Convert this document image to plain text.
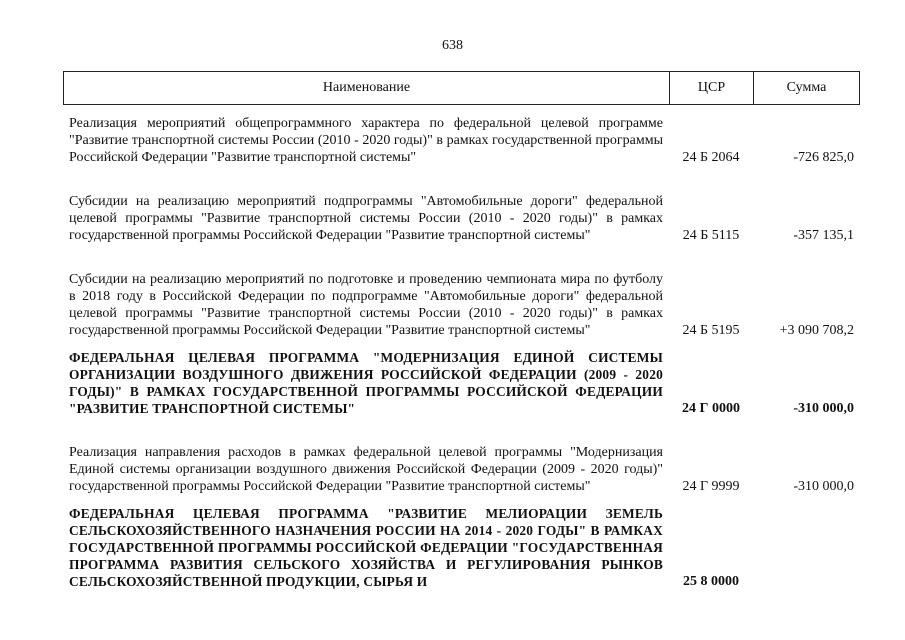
638
Наименование	ЦСР	Сумма
Реализация мероприятий общепрограммного характера по федеральной целевой программе "Развитие транспортной системы России (2010 - 2020 годы)" в рамках государственной программы Российской Федерации "Развитие транспортной системы"	24 Б 2064	-726 825,0
Субсидии на реализацию мероприятий подпрограммы "Автомобильные дороги" федеральной целевой программы "Развитие транспортной системы России (2010 - 2020 годы)" в рамках государственной программы Российской Федерации "Развитие транспортной системы"	24 Б 5115	-357 135,1
Субсидии на реализацию мероприятий по подготовке и проведению чемпионата мира по футболу в 2018 году в Российской Федерации по подпрограмме "Автомобильные дороги" федеральной целевой программы "Развитие транспортной системы России (2010 - 2020 годы)" в рамках государственной программы Российской Федерации "Развитие транспортной системы"	24 Б 5195	+3 090 708,2
ФЕДЕРАЛЬНАЯ ЦЕЛЕВАЯ ПРОГРАММА "МОДЕРНИЗАЦИЯ ЕДИНОЙ СИСТЕМЫ ОРГАНИЗАЦИИ ВОЗДУШНОГО ДВИЖЕНИЯ РОССИЙСКОЙ ФЕДЕРАЦИИ (2009 - 2020 ГОДЫ)" В РАМКАХ ГОСУДАРСТВЕННОЙ ПРОГРАММЫ РОССИЙСКОЙ ФЕДЕРАЦИИ "РАЗВИТИЕ ТРАНСПОРТНОЙ СИСТЕМЫ"	24 Г 0000	-310 000,0
Реализация направления расходов в рамках федеральной целевой программы "Модернизация Единой системы организации воздушного движения Российской Федерации (2009 - 2020 годы)" государственной программы Российской Федерации "Развитие транспортной системы"	24 Г 9999	-310 000,0
ФЕДЕРАЛЬНАЯ ЦЕЛЕВАЯ ПРОГРАММА "РАЗВИТИЕ МЕЛИОРАЦИИ ЗЕМЕЛЬ СЕЛЬСКОХОЗЯЙСТВЕННОГО НАЗНАЧЕНИЯ РОССИИ НА 2014 - 2020 ГОДЫ" В РАМКАХ ГОСУДАРСТВЕННОЙ ПРОГРАММЫ РОССИЙСКОЙ ФЕДЕРАЦИИ "ГОСУДАРСТВЕННАЯ ПРОГРАММА РАЗВИТИЯ СЕЛЬСКОГО ХОЗЯЙСТВА И РЕГУЛИРОВАНИЯ РЫНКОВ СЕЛЬСКОХОЗЯЙСТВЕННОЙ ПРОДУКЦИИ, СЫРЬЯ И	25 8 0000
